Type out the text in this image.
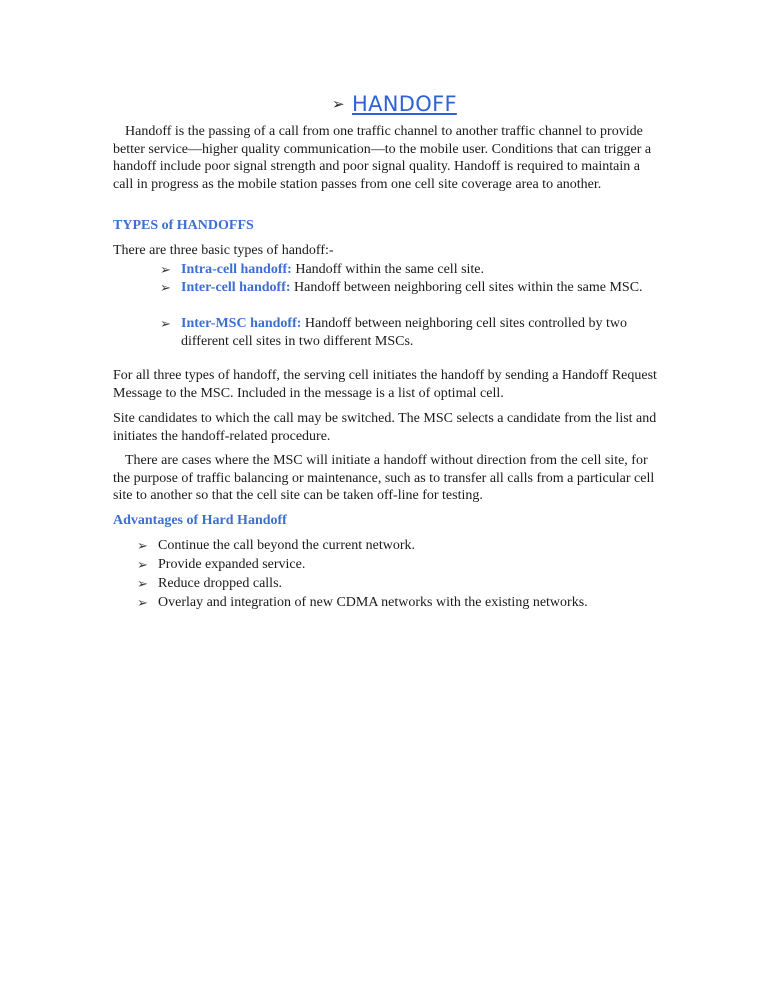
➢ HANDOFF

Handoff is the passing of a call from one traffic channel to another traffic channel to provide better service—higher quality communication—to the mobile user. Conditions that can trigger a handoff include poor signal strength and poor signal quality. Handoff is required to maintain a call in progress as the mobile station passes from one cell site coverage area to another.

TYPES of HANDOFFS

There are three basic types of handoff:-

➢ Intra-cell handoff: Handoff within the same cell site.
➢ Inter-cell handoff: Handoff between neighboring cell sites within the same MSC.
➢ Inter-MSC handoff: Handoff between neighboring cell sites controlled by two different cell sites in two different MSCs.

For all three types of handoff, the serving cell initiates the handoff by sending a Handoff Request Message to the MSC. Included in the message is a list of optimal cell.

Site candidates to which the call may be switched. The MSC selects a candidate from the list and initiates the handoff-related procedure.

There are cases where the MSC will initiate a handoff without direction from the cell site, for the purpose of traffic balancing or maintenance, such as to transfer all calls from a particular cell site to another so that the cell site can be taken off-line for testing.

Advantages of Hard Handoff
➢ Continue the call beyond the current network.
➢ Provide expanded service.
➢ Reduce dropped calls.
➢ Overlay and integration of new CDMA networks with the existing networks.
